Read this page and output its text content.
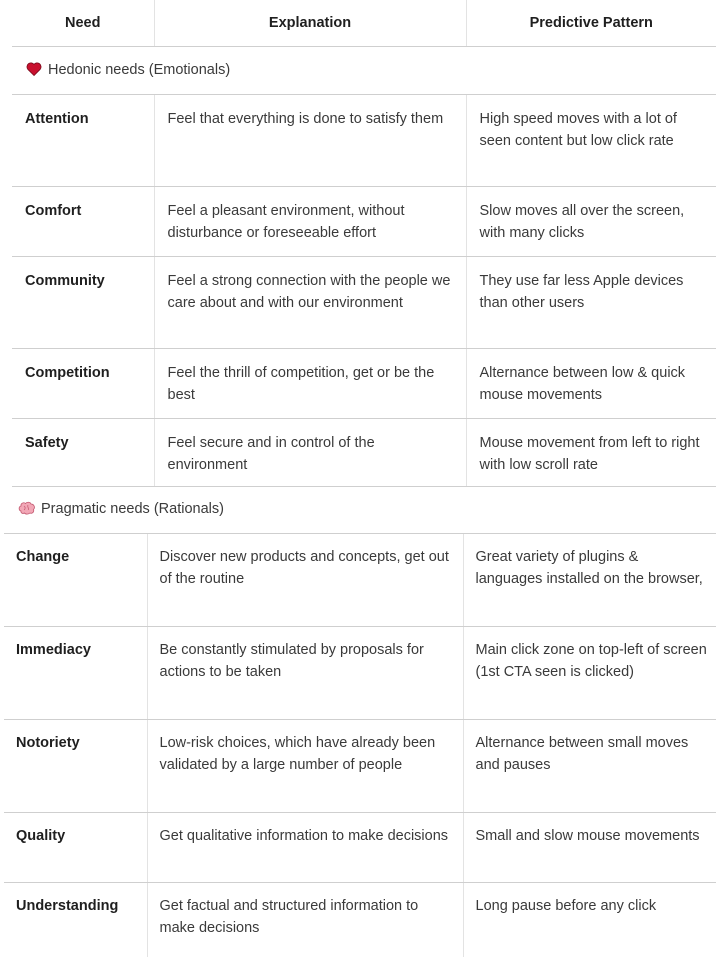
Need	Explanation	Predictive Pattern
Hedonic needs (Emotionals)		
Attention	Feel that everything is done to satisfy them	High speed moves with a lot of seen content but low click rate
Comfort	Feel a pleasant environment, without disturbance or foreseeable effort	Slow moves all over the screen, with many clicks
Community	Feel a strong connection with the people we care about and with our environment	They use far less Apple devices than other users
Competition	Feel the thrill of competition, get or be the best	Alternance between low & quick mouse movements
Safety	Feel secure and in control of the environment	Mouse movement from left to right with low scroll rate
Pragmatic needs (Rationals)		
Change	Discover new products and concepts, get out of the routine	Great variety of plugins & languages installed on the browser,
Immediacy	Be constantly stimulated by proposals for actions to be taken	Main click zone on top-left of screen (1st CTA seen is clicked)
Notoriety	Low-risk choices, which have already been validated by a large number of people	Alternance between small moves and pauses
Quality	Get qualitative information to make decisions	Small and slow mouse movements
Understanding	Get factual and structured information to make decisions	Long pause before any click
